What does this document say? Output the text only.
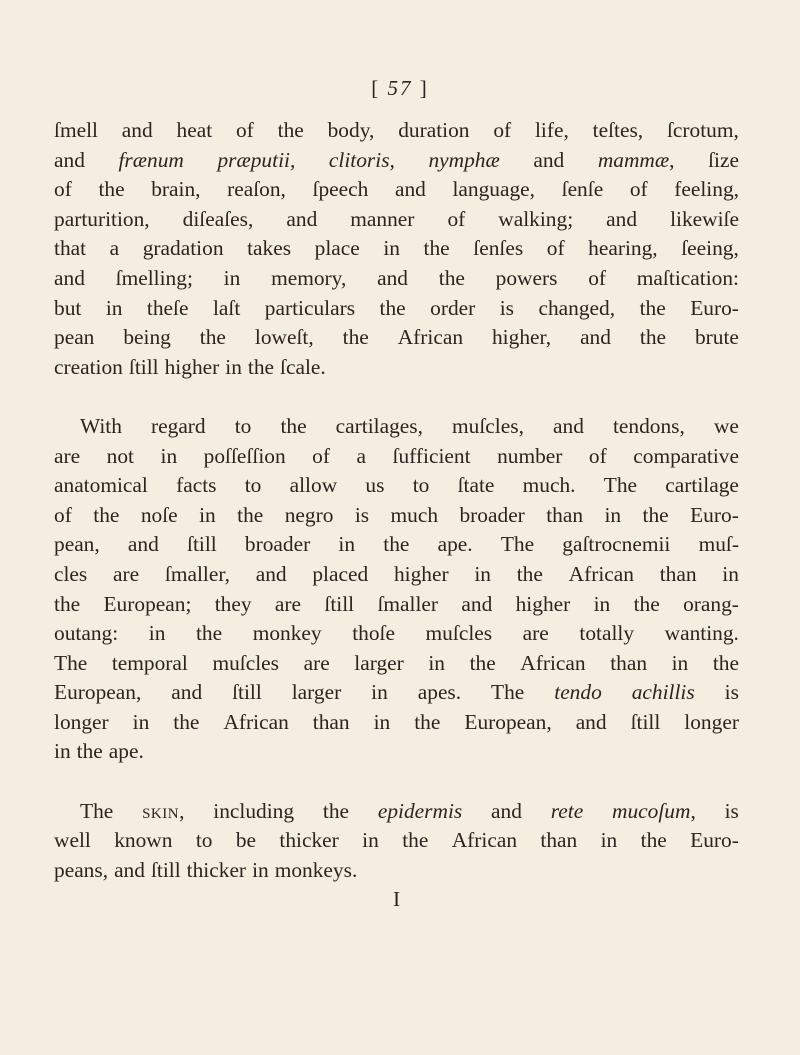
[ 57 ]
ſmell and heat of the body, duration of life, teſtes, ſcrotum,
and frænum præputii, clitoris, nymphæ and mammæ, ſize
of the brain, reaſon, ſpeech and language, ſenſe of feeling,
parturition, diſeaſes, and manner of walking; and likewiſe
that a gradation takes place in the ſenſes of hearing, ſeeing,
and ſmelling; in memory, and the powers of maſtication:
but in theſe laſt particulars the order is changed, the Euro-
pean being the loweſt, the African higher, and the brute
creation ſtill higher in the ſcale.
With regard to the cartilages, muſcles, and tendons, we
are not in poſſeſſion of a ſufficient number of comparative
anatomical facts to allow us to ſtate much. The cartilage
of the noſe in the negro is much broader than in the Euro-
pean, and ſtill broader in the ape. The gaſtrocnemii muſ-
cles are ſmaller, and placed higher in the African than in
the European; they are ſtill ſmaller and higher in the orang-
outang: in the monkey thoſe muſcles are totally wanting.
The temporal muſcles are larger in the African than in the
European, and ſtill larger in apes. The tendo achillis is
longer in the African than in the European, and ſtill longer
in the ape.
The skin, including the epidermis and rete mucoſum, is
well known to be thicker in the African than in the Euro-
peans, and ſtill thicker in monkeys.
I
